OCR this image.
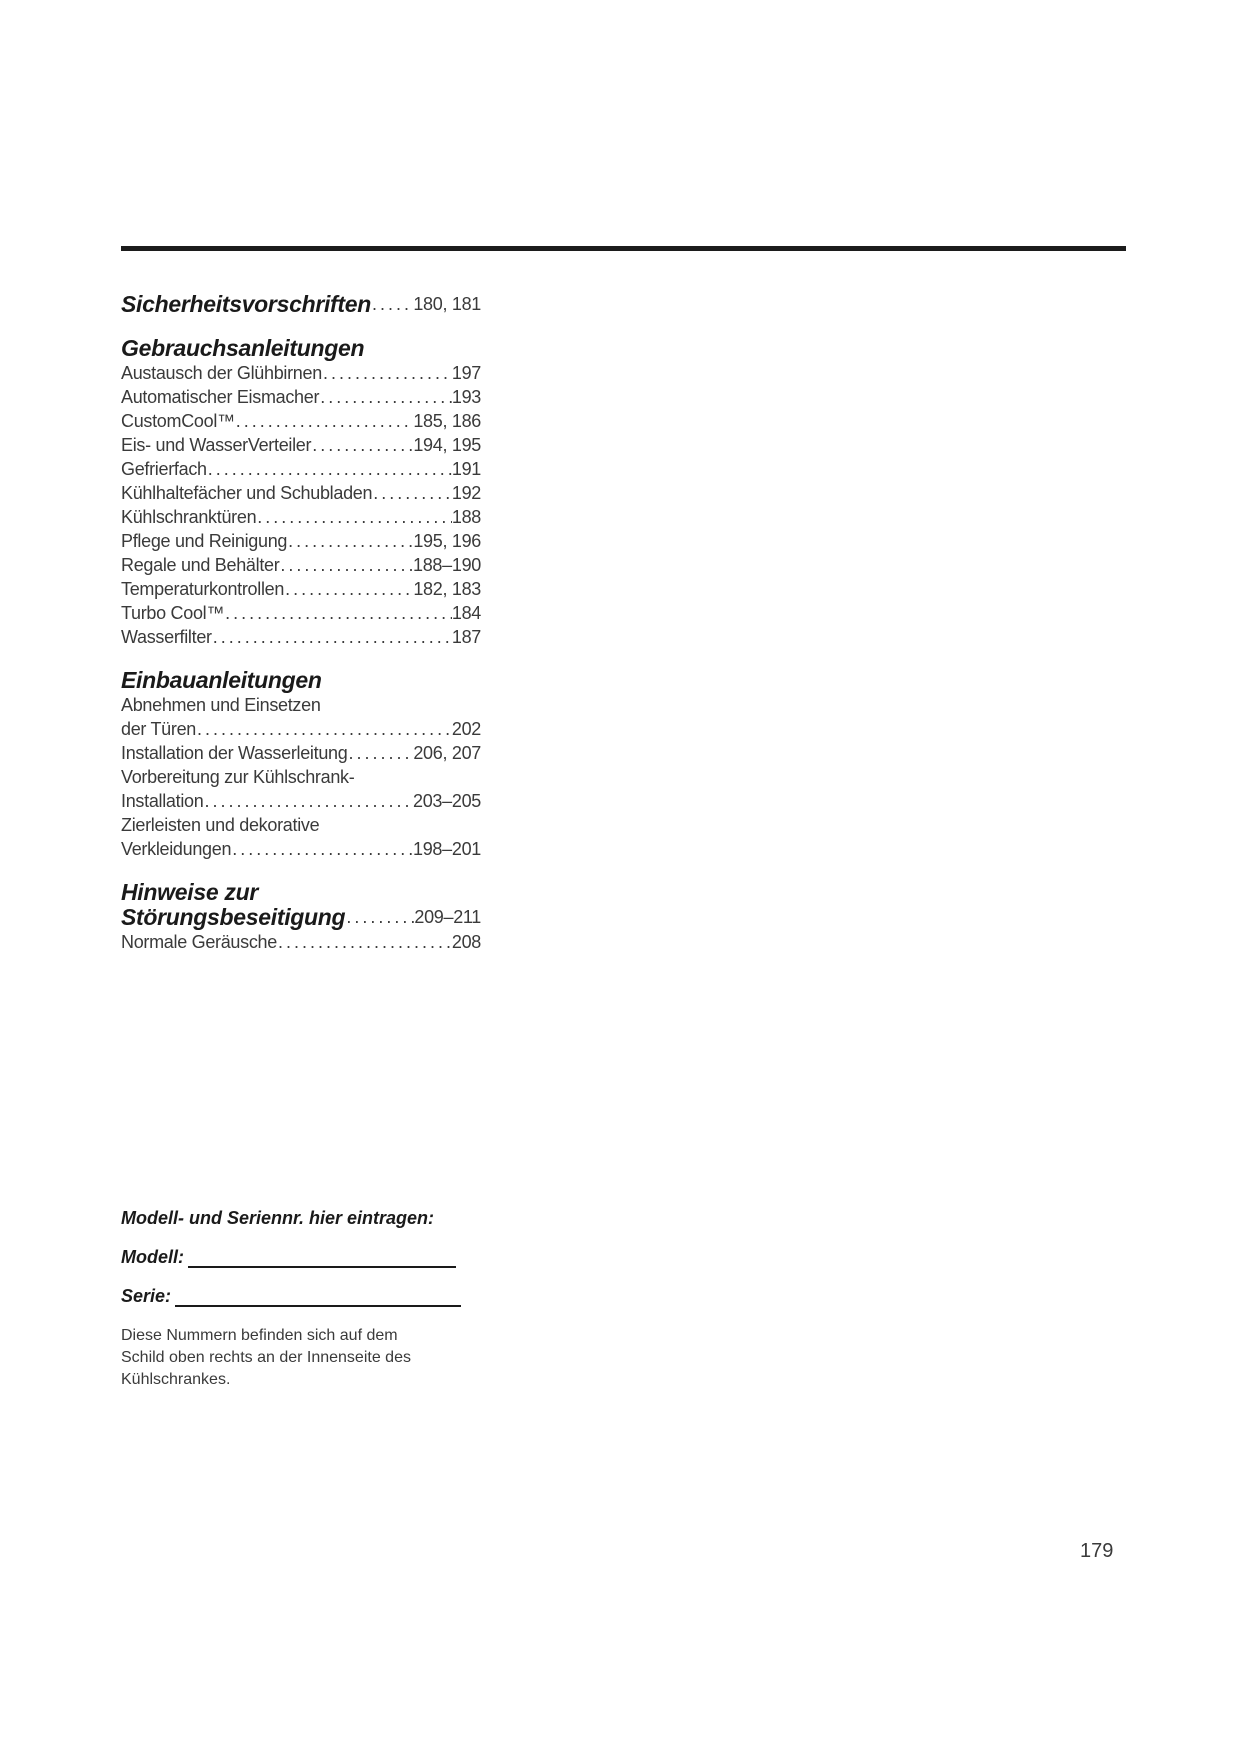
Sicherheitsvorschriften . . . 180, 181
Gebrauchsanleitungen
Austausch der Glühbirnen . . .	197
Automatischer Eismacher . . .	193
CustomCool™ . . .	185, 186
Eis- und WasserVerteiler . . .	194, 195
Gefrierfach . . .	191
Kühlhaltefächer und Schubladen . . .	192
Kühlschranktüren . . .	188
Pflege und Reinigung . . .	195, 196
Regale und Behälter . . .	188–190
Temperaturkontrollen . . .	182, 183
Turbo Cool™ . . .	184
Wasserfilter . . .	187
Einbauanleitungen
Abnehmen und Einsetzen
der Türen . . .	202
Installation der Wasserleitung . . .	206, 207
Vorbereitung zur Kühlschrank-
Installation . . .	203–205
Zierleisten und dekorative
Verkleidungen . . .	198–201
Hinweise zur
Störungsbeseitigung . . .	209–211
Normale Geräusche . . .	208
Modell- und Seriennr. hier eintragen:
Modell:
Serie:
Diese Nummern befinden sich auf dem Schild oben rechts an der Innenseite des Kühlschrankes.
179
